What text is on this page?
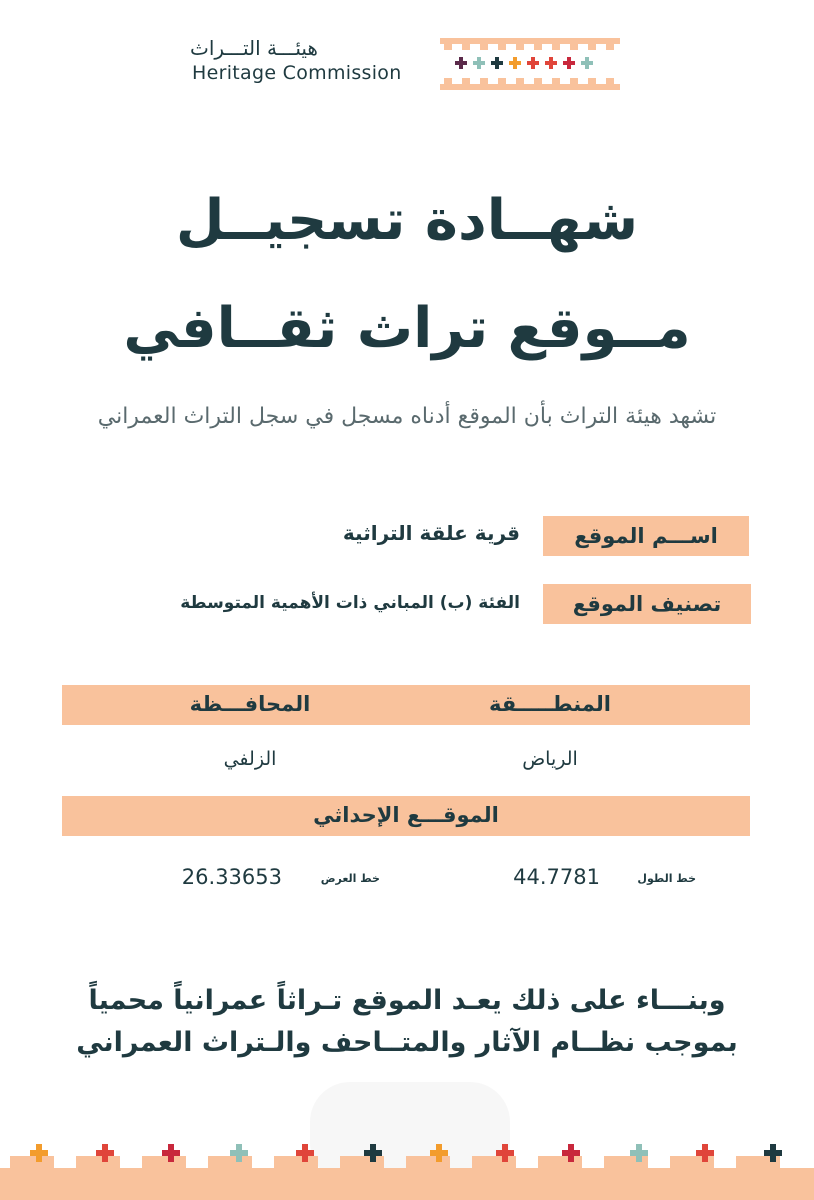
هيئـــة التـــراث
Heritage Commission
شهــادة تسجيــل
مــوقع تراث ثقــافي
تشهد هيئة التراث بأن الموقع أدناه مسجل في سجل التراث العمراني
اســـم الموقع
قرية علقة التراثية
تصنيف الموقع
الفئة (ب) المباني ذات الأهمية المتوسطة
المنطـــــقة
المحافـــظة
الرياض
الزلفي
الموقـــع الإحداثي
خط الطول
44.7781
خط العرض
26.33653
وبنـــاء على ذلك يعـد الموقع تـراثاً عمرانياً محمياً
بموجب نظــام الآثار والمتــاحف والـتراث العمراني
